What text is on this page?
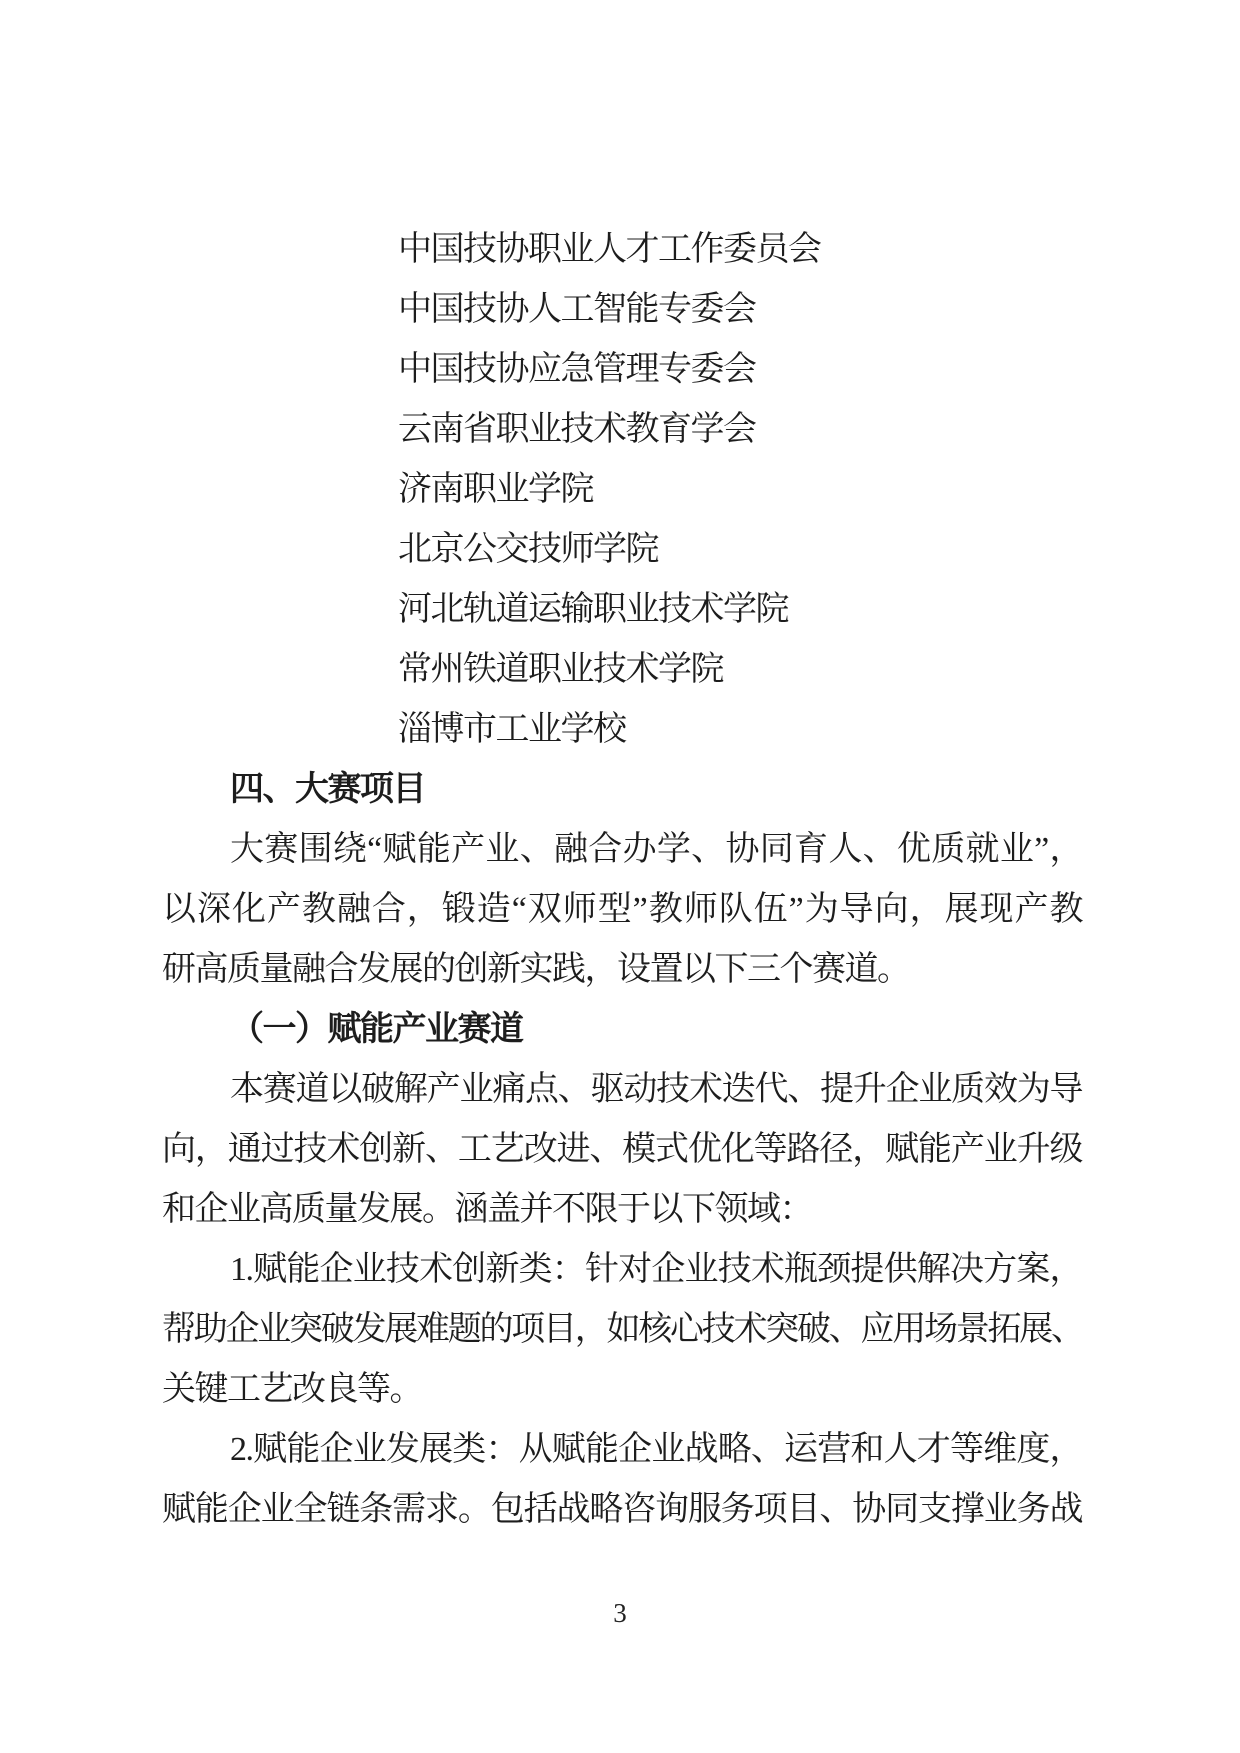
中国技协职业人才工作委员会
中国技协人工智能专委会
中国技协应急管理专委会
云南省职业技术教育学会
济南职业学院
北京公交技师学院
河北轨道运输职业技术学院
常州铁道职业技术学院
淄博市工业学校
四、大赛项目
大赛围绕“赋能产业、融合办学、协同育人、优质就业”，
以深化产教融合，锻造“双师型”教师队伍”为导向，展现产教
研高质量融合发展的创新实践，设置以下三个赛道。
（一）赋能产业赛道
本赛道以破解产业痛点、驱动技术迭代、提升企业质效为导
向，通过技术创新、工艺改进、模式优化等路径，赋能产业升级
和企业高质量发展。涵盖并不限于以下领域：
1.赋能企业技术创新类：针对企业技术瓶颈提供解决方案，
帮助企业突破发展难题的项目，如核心技术突破、应用场景拓展、
关键工艺改良等。
2.赋能企业发展类：从赋能企业战略、运营和人才等维度，
赋能企业全链条需求。包括战略咨询服务项目、协同支撑业务战
3
